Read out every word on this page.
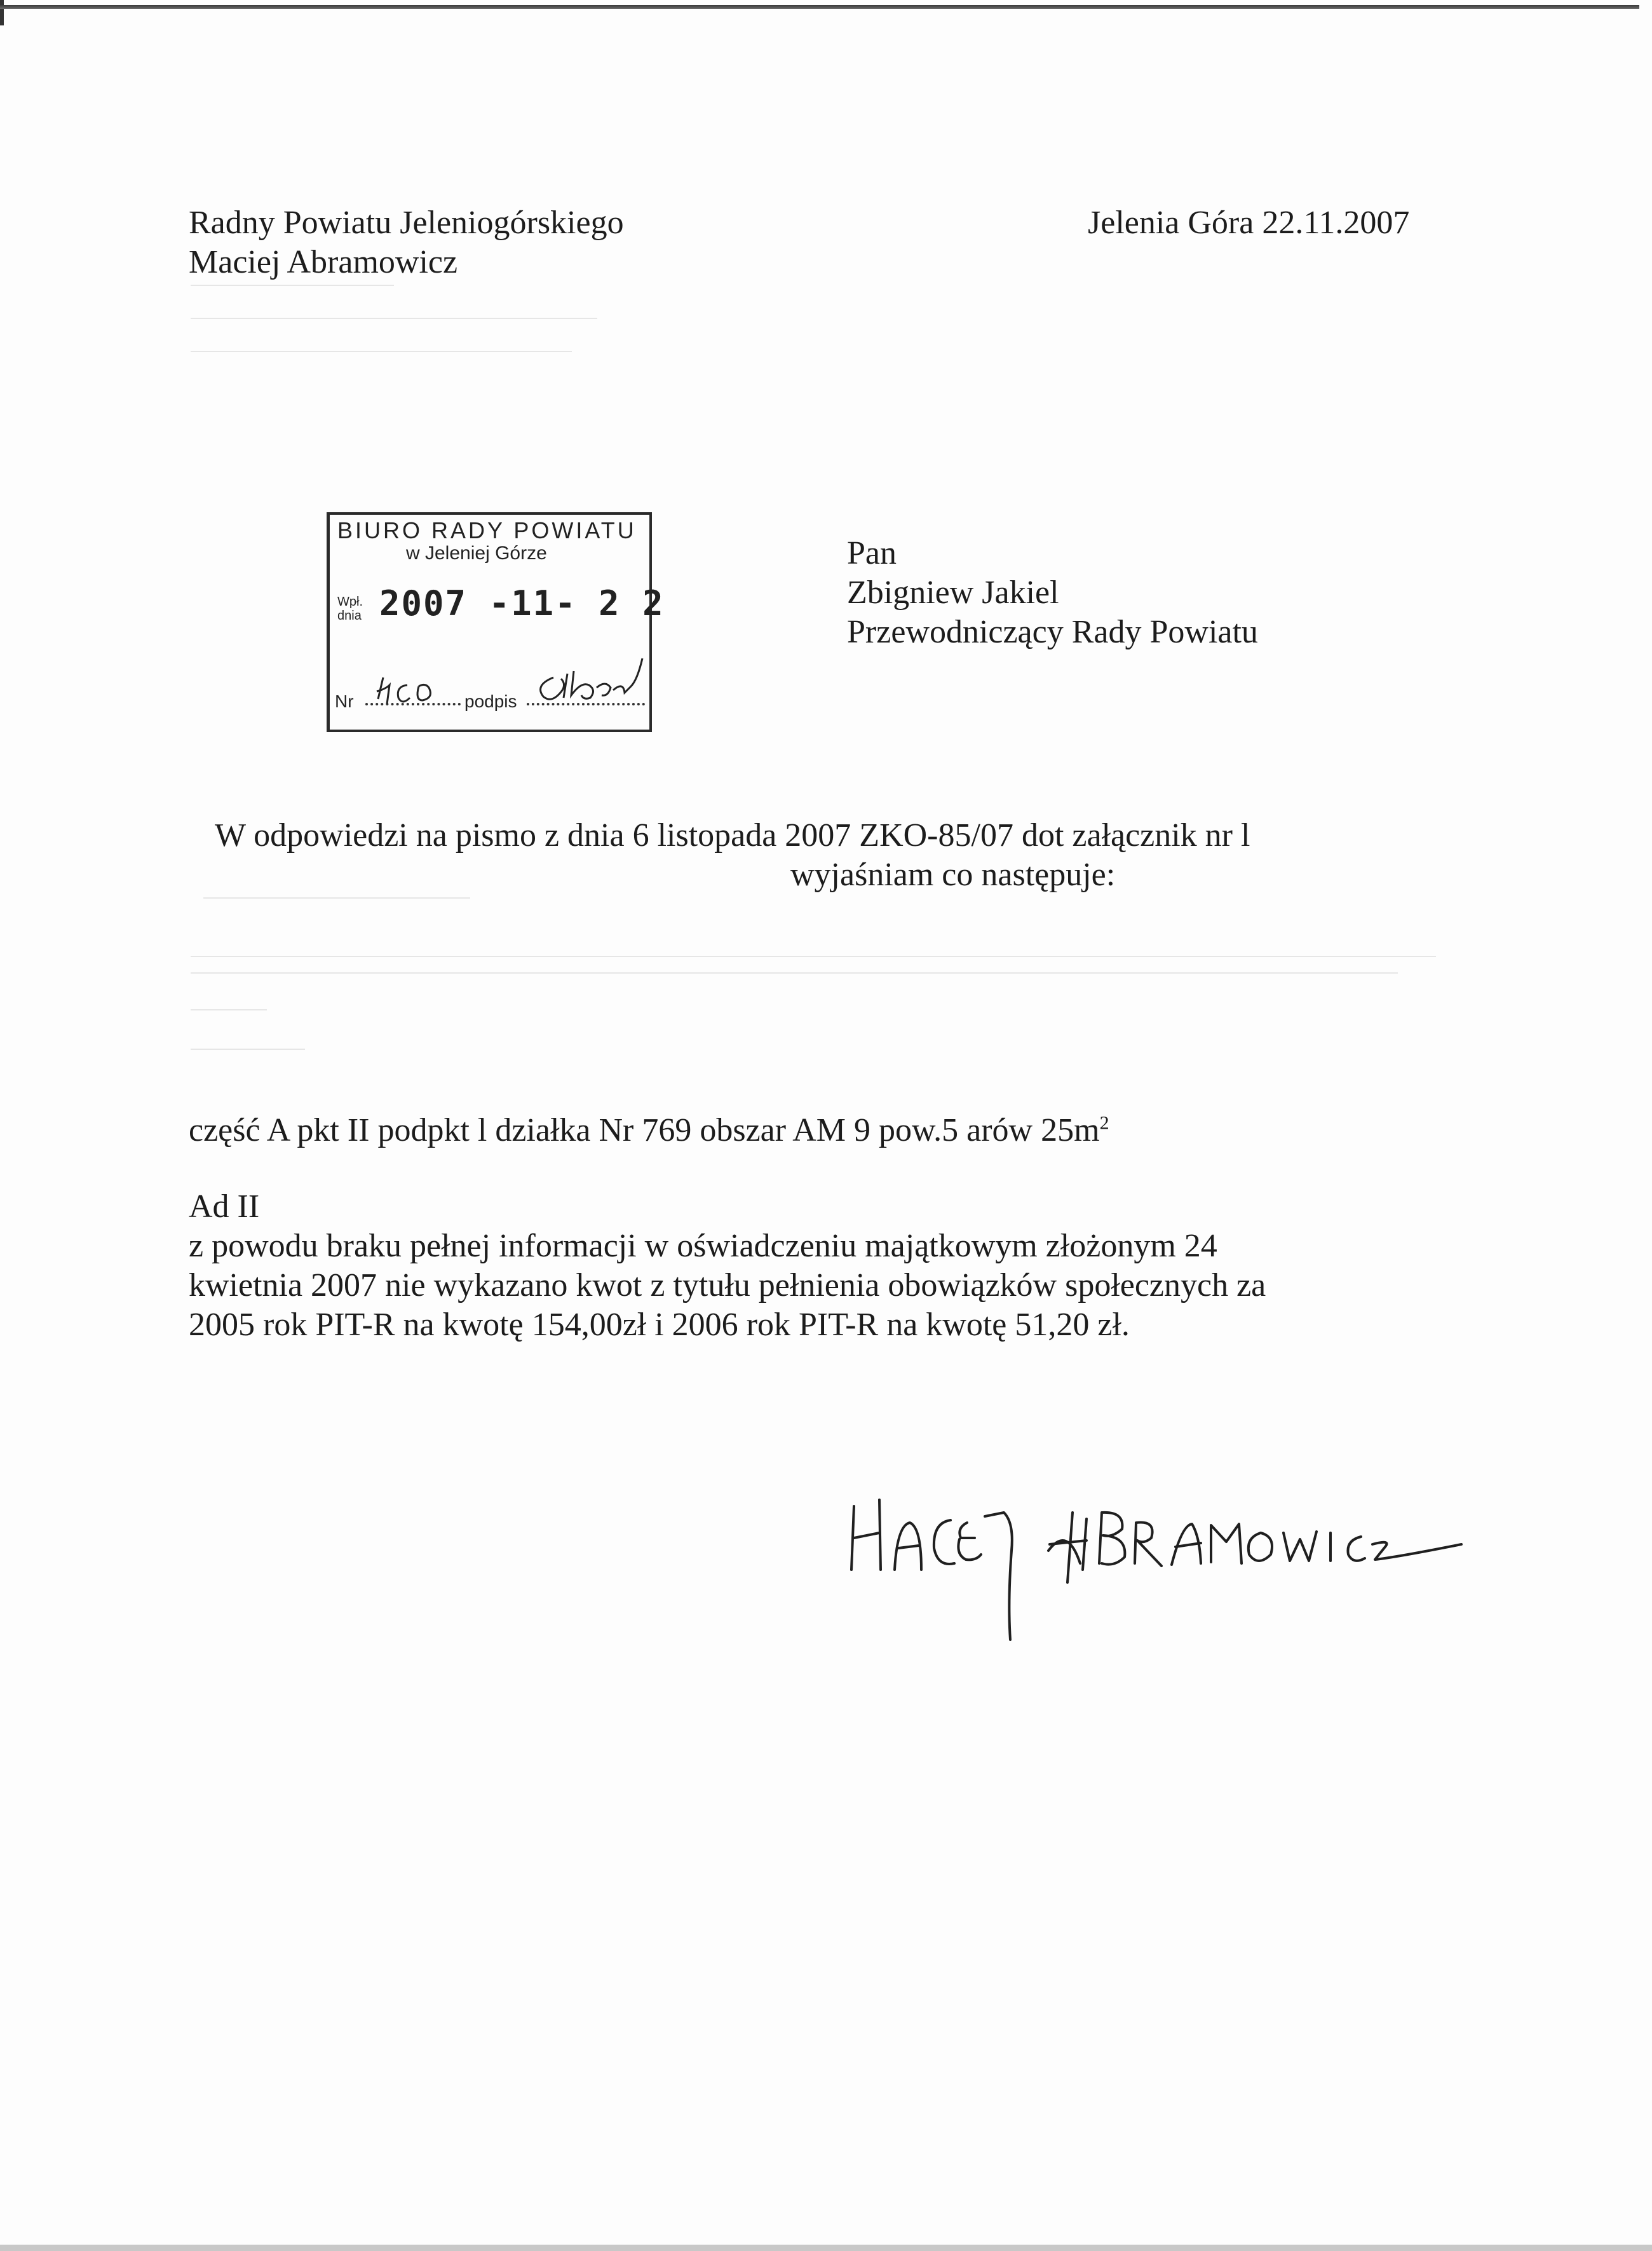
Radny Powiatu Jeleniogórskiego
Maciej Abramowicz
Jelenia Góra 22.11.2007
BIURO RADY POWIATU
w Jeleniej Górze
Wpł. dnia 2007 -11- 2 2
Nr	podpis
Pan
Zbigniew Jakiel
Przewodniczący Rady Powiatu
W odpowiedzi na pismo z dnia 6 listopada 2007 ZKO-85/07 dot załącznik nr l
wyjaśniam co następuje:
część A pkt II podpkt l działka Nr 769 obszar AM 9 pow.5 arów $25m^2$
Ad II
z powodu braku pełnej informacji w oświadczeniu majątkowym złożonym 24
kwietnia 2007 nie wykazano kwot z tytułu pełnienia obowiązków społecznych za
2005 rok PIT-R na kwotę 154,00zł i 2006 rok PIT-R na kwotę 51,20 zł.
